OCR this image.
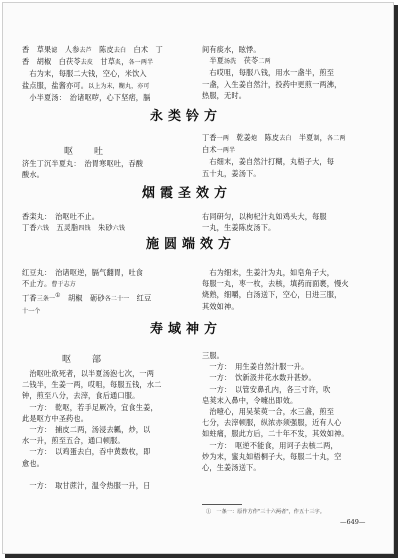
香　草果滤　人参去芦　陈皮去白　白术　丁
香　胡椒　白茯苓去皮　甘草炙，各一两半
　右为末，每服二大钱，空心，米饮入
盐点服，盐酱亦可。以上为末，糊丸，亦可
　小半夏汤：　治诸呕哕，心下坚痞，膈
间有痰水，眩悸。
　半夏汤洗　茯苓二两
　右哎咀，每服八钱，用水一盏半，煎至
一盏，入生姜自然汁，投药中更煎一两沸，
热服，无时。
永类钤方
呕　吐
济生丁沉半夏丸：　治胃寒呕吐，吞酸
酸水。
丁香一两　乾姜炮　陈皮去白　半夏制，各二两
白术一两半
　右细末，姜自然汁打糊，丸梧子大，每
五十丸，姜汤下。
烟霞圣效方
香栾丸：　治呕吐不止。
丁香六钱　五灵脂四钱　朱砂六钱
右同研匀，以枸杞汁丸如鸡头大，每服
一丸，生姜陈皮汤下。
施圆端效方
红豆丸：　治诸呕逆，膈气翻胃，吐食
不止方。曹于志方
丁香三条一①　胡椒　砺砂各二十一　红豆
十一个
　右为细末，生姜汁为丸，如皂角子大，
每服一丸，枣一枚，去核，填药而面裹，慢火
烧熟，细嚼，白汤送下，空心，日进三服，
其效如神。
寿域神方
呕　部
　治呕吐欲死者，以半夏汤泡七次，一两
二钱半，生姜一两，哎咀，每服五钱，水二
钟，煎至八分，去滓，食后通口服。
　一方：　乾呕，若手足厥冷，宜食生姜，
此是呕方中圣药也。
　一方：　捕皮二两，汤浸去瓤，炒，以
水一升，煎至五合，通口顿服。
　一方：　以鸡蛋去白，吞中黄数枚，即
愈也。

　一方：　取甘蔗汁，温令热服一升，日
三服。
　一方：　用生姜自然汁服一升。
　一方：　饮新汲井花水数升甚妙。
　一方：　以管安鼻孔内，各三寸许，吹
皂荚末入鼻中，令嚏出即效。
　治噎心，用吴茱萸一合，水三盏，煎至
七分，去滓顿服，纵浓亦须强服，近有人心
如蛀痛，服此方后，二十年不发，其效如神。
　一方：　呕逆不能食，用诃子去核二两，
炒为末，蜜丸如梧桐子大，每服二十丸，空
心，生姜汤送下。
①　一条一：原作方作"三十六两者"，作五十三字。
—649—
